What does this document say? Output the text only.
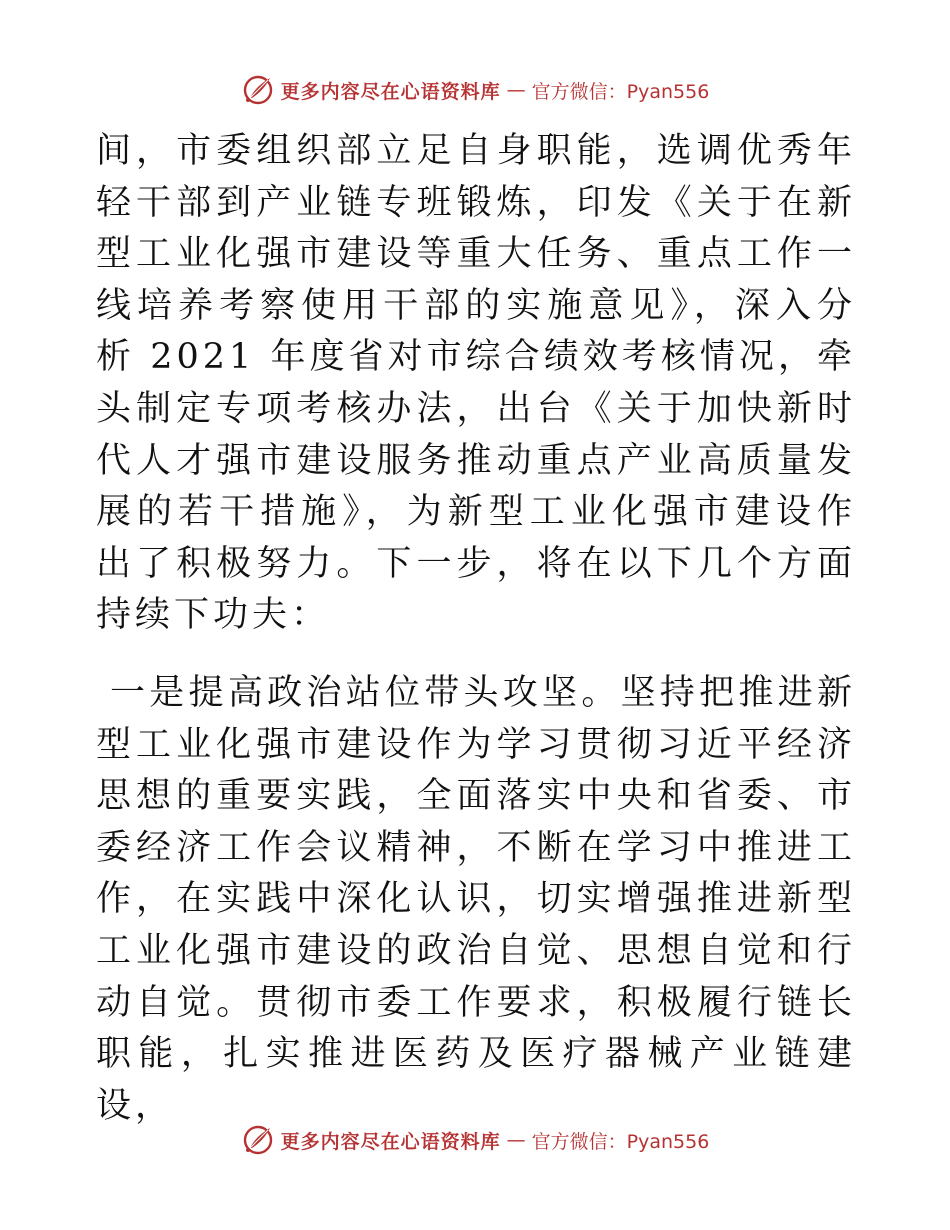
更多内容尽在心语资料库 — 官方微信：Pyan556

间，市委组织部立足自身职能，选调优秀年轻干部到产业链专班锻炼，印发《关于在新型工业化强市建设等重大任务、重点工作一线培养考察使用干部的实施意见》，深入分析 2021 年度省对市综合绩效考核情况，牵头制定专项考核办法，出台《关于加快新时代人才强市建设服务推动重点产业高质量发展的若干措施》，为新型工业化强市建设作出了积极努力。下一步，将在以下几个方面持续下功夫：

一是提高政治站位带头攻坚。坚持把推进新型工业化强市建设作为学习贯彻习近平经济思想的重要实践，全面落实中央和省委、市委经济工作会议精神，不断在学习中推进工作，在实践中深化认识，切实增强推进新型工业化强市建设的政治自觉、思想自觉和行动自觉。贯彻市委工作要求，积极履行链长职能，扎实推进医药及医疗器械产业链建设，

更多内容尽在心语资料库 — 官方微信：Pyan556
